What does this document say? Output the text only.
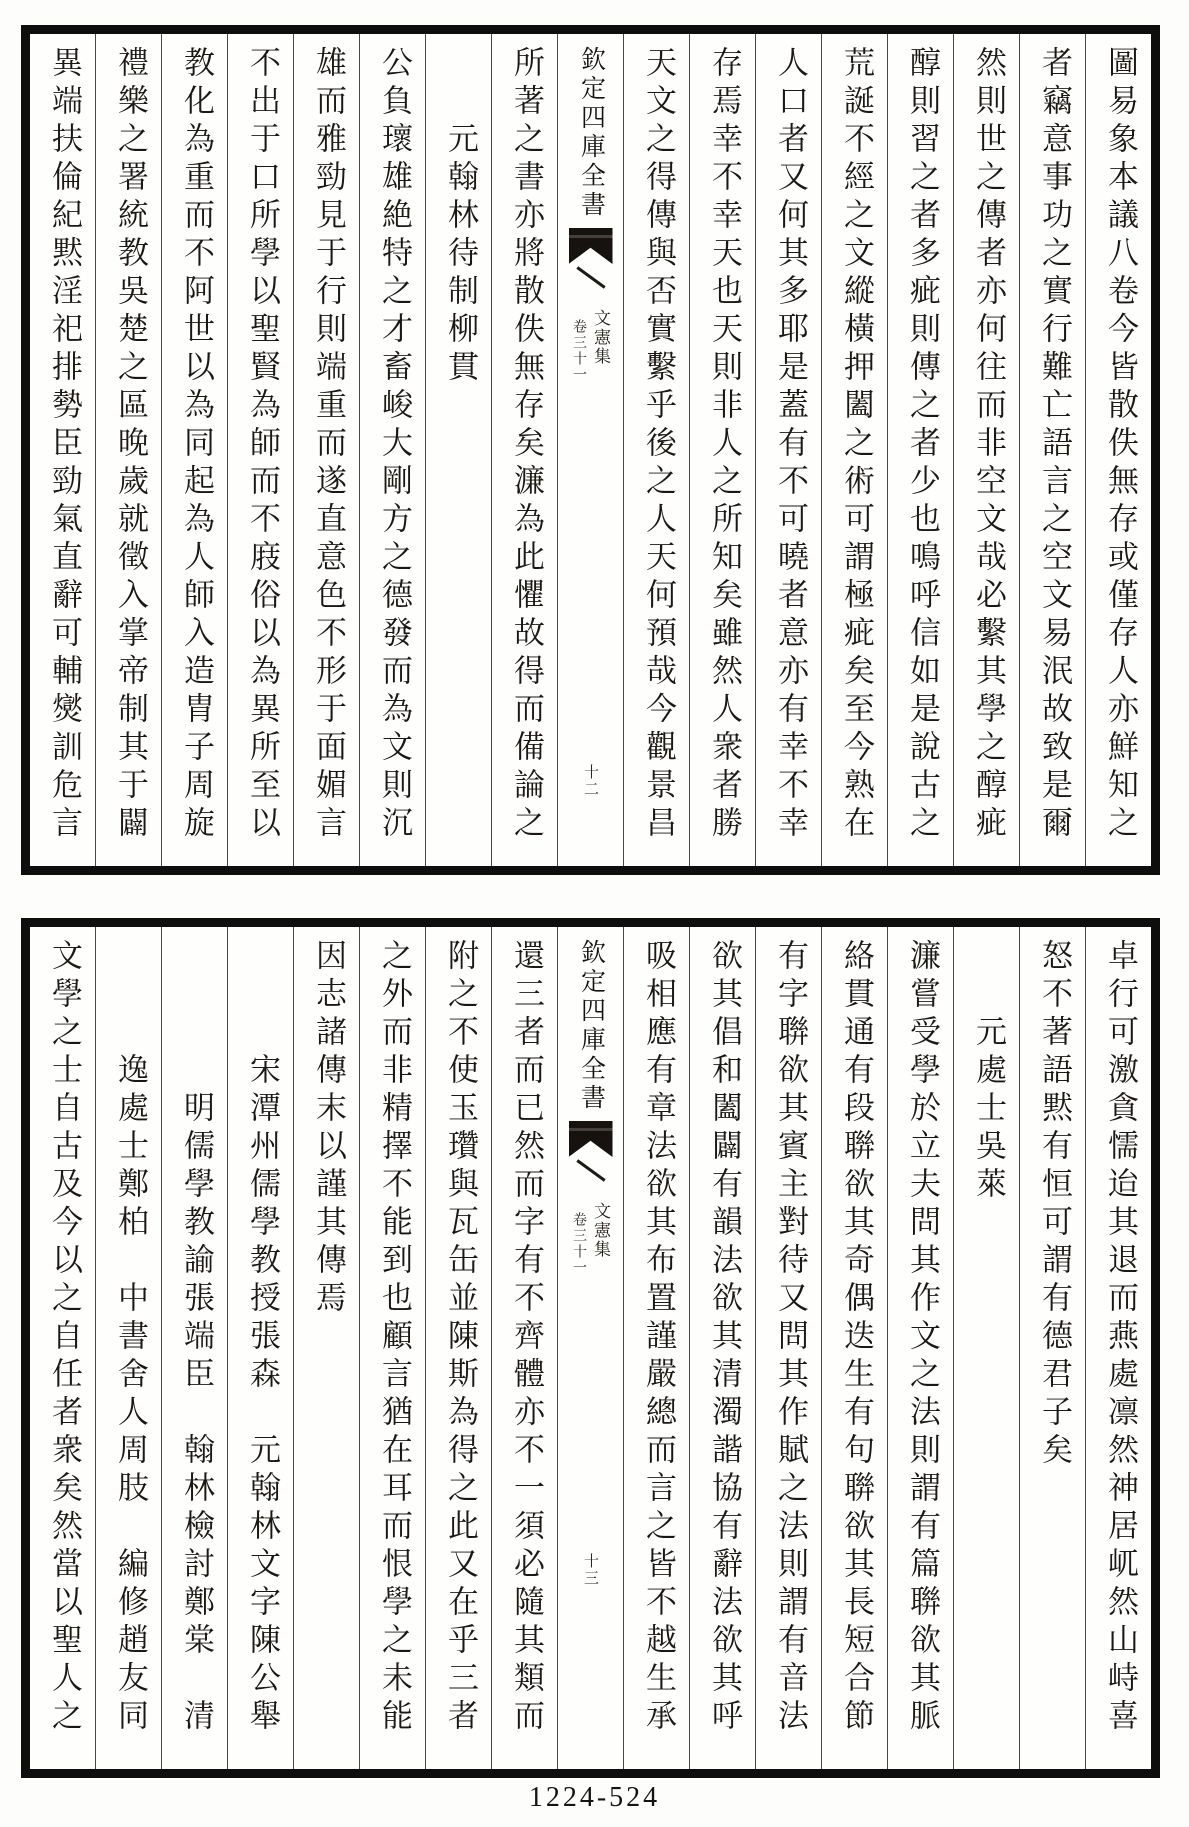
圖易象本議八卷今皆散佚無存或僅存人亦鮮知之
者竊意事功之實行難亡語言之空文易泯故致是爾
然則世之傳者亦何往而非空文哉必繫其學之醇疵
醇則習之者多疵則傳之者少也鳴呼信如是說古之
荒誕不經之文縱橫押闔之術可謂極疵矣至今熟在
人口者又何其多耶是蓋有不可曉者意亦有幸不幸
存焉幸不幸天也天則非人之所知矣雖然人衆者勝
天文之得傳與否實繫乎後之人天何預哉今觀景昌
欽定四庫全書
文憲集
卷三十一
十二
所著之書亦將散佚無存矣濂為此懼故得而備論之
　　元翰林待制柳貫
公負瓌雄絶特之才畜峻大剛方之德發而為文則沉
雄而雅勁見于行則端重而遂直意色不形于面媚言
不出于口所學以聖賢為師而不庪俗以為異所至以
教化為重而不阿世以為同起為人師入造胄子周旋
禮樂之署統教吳楚之區晚歲就徵入掌帝制其于闢
異端扶倫紀黙淫祀排勢臣勁氣直辭可輔爕訓危言
卓行可激貪懦迨其退而燕處凛然神居屼然山峙喜
怒不著語黙有恒可謂有德君子矣
　　元處士吳萊
濂嘗受學於立夫問其作文之法則謂有篇聨欲其脈
絡貫通有段聨欲其奇偶迭生有句聨欲其長短合節
有字聨欲其賓主對待又問其作賦之法則謂有音法
欲其倡和闔闢有韻法欲其清濁諧協有辭法欲其呼
吸相應有章法欲其布置謹嚴總而言之皆不越生承
欽定四庫全書
文憲集
卷三十一
十三
還三者而已然而字有不齊體亦不一須必隨其類而
附之不使玉瓚與瓦缶並陳斯為得之此又在乎三者
之外而非精擇不能到也顧言猶在耳而恨學之未能
因志諸傳末以謹其傳焉
　　　宋潭州儒學教授張森　元翰林文字陳公舉
　　　　明儒學教諭張端臣　翰林檢討鄭棠　清
　　　逸處士鄭柏　中書舍人周肢　編修趙友同
文學之士自古及今以之自任者衆矣然當以聖人之
1224-524
